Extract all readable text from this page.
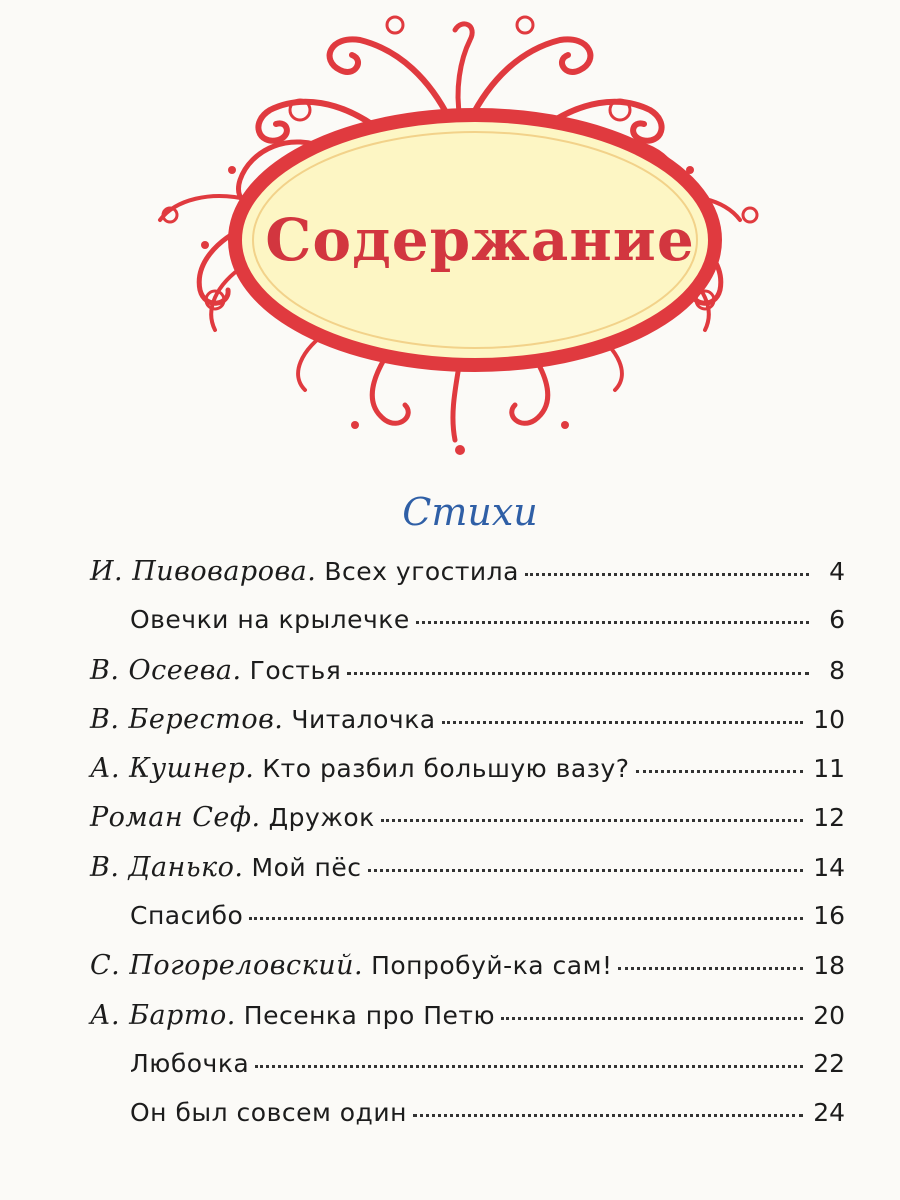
Содержание
Стихи
И. Пивоварова. Всех угостила	4
Овечки на крылечке	6
В. Осеева. Гостья	8
В. Берестов. Читалочка	10
А. Кушнер. Кто разбил большую вазу?	11
Роман Сеф. Дружок	12
В. Данько. Мой пёс	14
Спасибо	16
С. Погореловский. Попробуй-ка сам!	18
А. Барто. Песенка про Петю	20
Любочка	22
Он был совсем один	24
